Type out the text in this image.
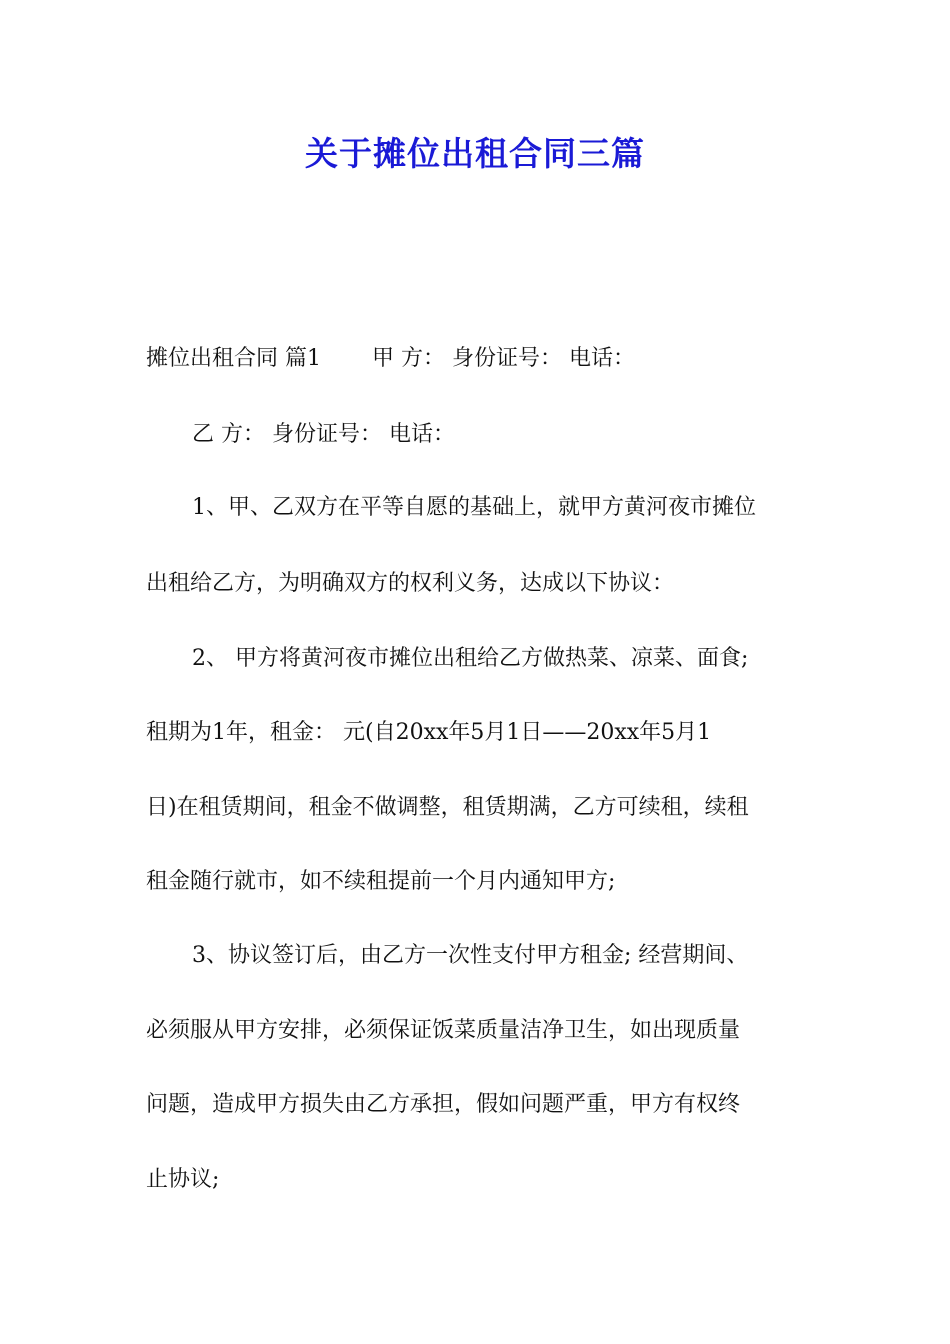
关于摊位出租合同三篇
摊位出租合同 篇1　　 甲 方： 身份证号： 电话：
乙 方： 身份证号： 电话：
1、甲、乙双方在平等自愿的基础上，就甲方黄河夜市摊位
出租给乙方，为明确双方的权利义务，达成以下协议：
2、 甲方将黄河夜市摊位出租给乙方做热菜、凉菜、面食;
租期为1年，租金： 元(自20xx年5月1日——20xx年5月1
日)在租赁期间，租金不做调整，租赁期满，乙方可续租，续租
租金随行就市，如不续租提前一个月内通知甲方;
3、协议签订后，由乙方一次性支付甲方租金; 经营期间、
必须服从甲方安排，必须保证饭菜质量洁净卫生，如出现质量
问题，造成甲方损失由乙方承担，假如问题严重，甲方有权终
止协议;
